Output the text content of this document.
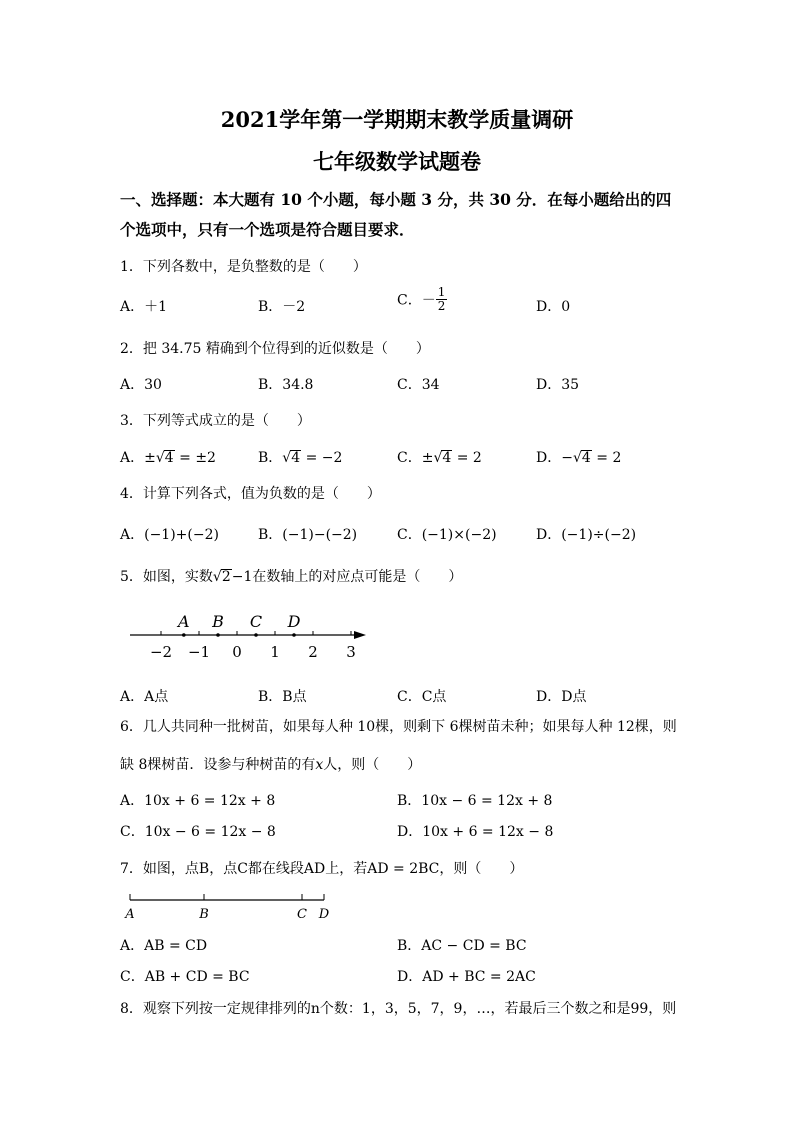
2021学年第一学期期末教学质量调研
七年级数学试题卷
一、选择题：本大题有 10 个小题，每小题 3 分，共 30 分．在每小题给出的四
个选项中，只有一个选项是符合题目要求．
1．下列各数中，是负整数的是（　　）
A．＋1	B．－2	C．－ $\frac{1}{2}$	D．0
2．把 34.75 精确到个位得到的近似数是（　　）
A．30	B．34.8	C．34	D．35
3．下列等式成立的是（　　）
A．±√4 = ±2	B．√4 = −2	C．±√4 = 2	D．−√4 = 2
4．计算下列各式，值为负数的是（　　）
A．(−1)+(−2)	B．(−1)−(−2)	C．(−1)×(−2)	D．(−1)÷(−2)
5．如图，实数√2−1在数轴上的对应点可能是（　　）
−2 −1 0 1 2 3
A B C D
A．A点	B．B点	C．C点	D．D点
6．几人共同种一批树苗，如果每人种 10棵，则剩下 6棵树苗未种；如果每人种 12棵，则
缺 8棵树苗．设参与种树苗的有x人，则（　　）
A．10x + 6 = 12x + 8	B．10x − 6 = 12x + 8
C．10x − 6 = 12x − 8	D．10x + 6 = 12x − 8
7．如图，点B，点C都在线段AD上，若AD = 2BC，则（　　）
A	B	C D
A．AB = CD	B．AC − CD = BC
C．AB + CD = BC	D．AD + BC = 2AC
8．观察下列按一定规律排列的n个数：1，3，5，7，9，…，若最后三个数之和是99，则
